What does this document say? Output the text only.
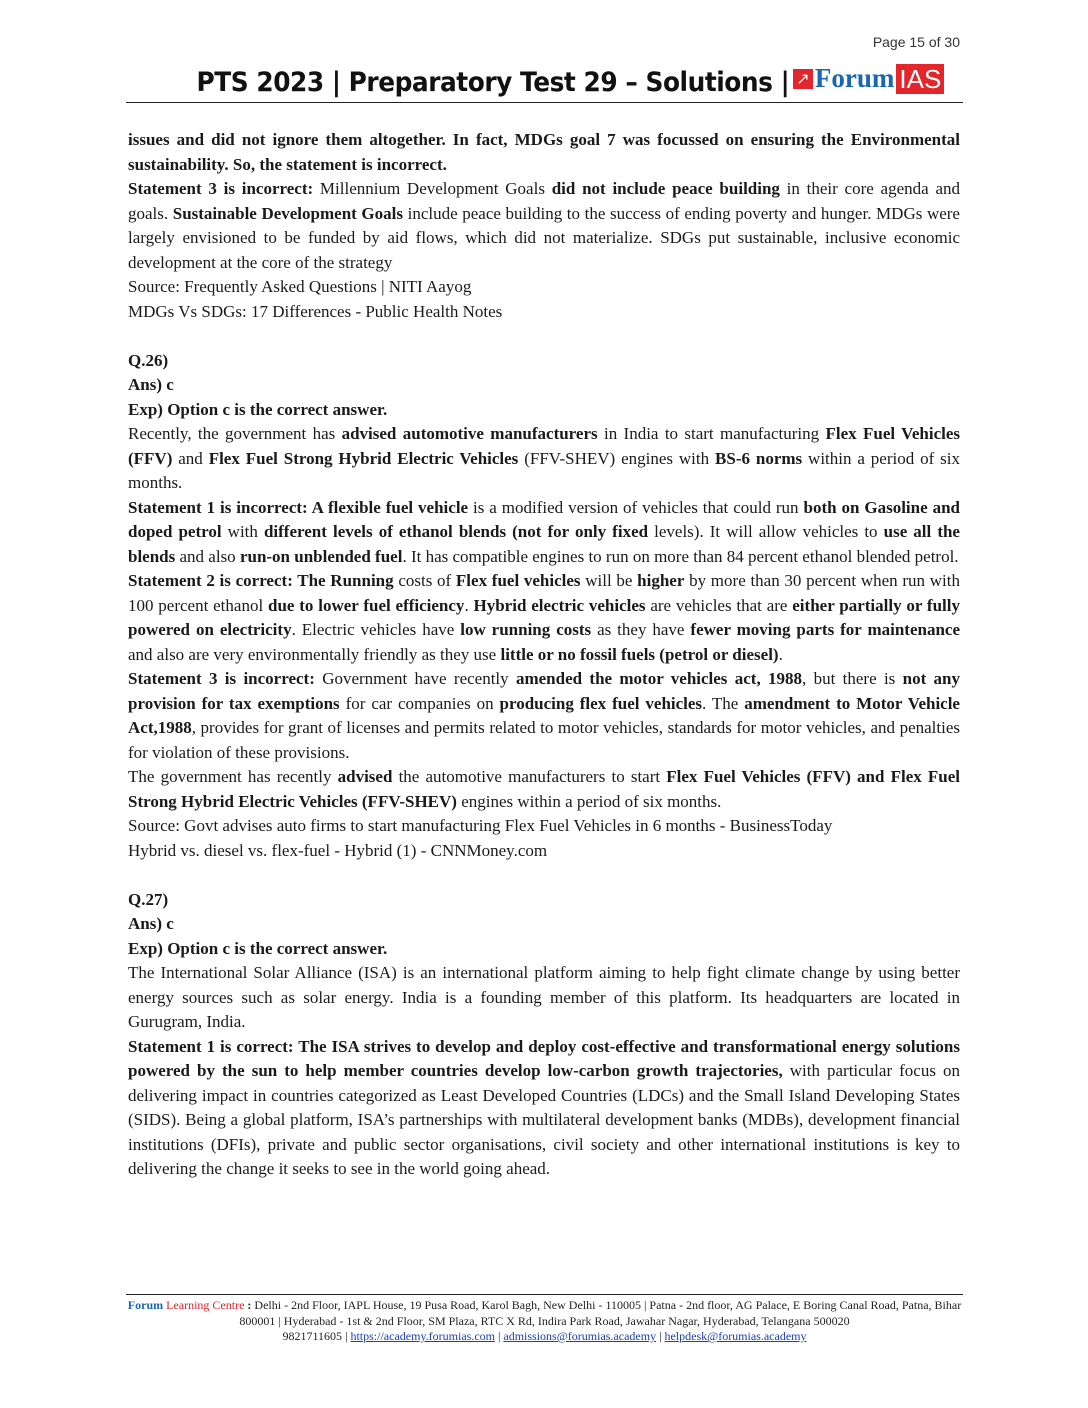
Page 15 of 30
PTS 2023 | Preparatory Test 29 – Solutions | ↗ Forum IAS

issues and did not ignore them altogether. In fact, MDGs goal 7 was focussed on ensuring the Environmental sustainability. So, the statement is incorrect.

Statement 3 is incorrect: Millennium Development Goals did not include peace building in their core agenda and goals. Sustainable Development Goals include peace building to the success of ending poverty and hunger. MDGs were largely envisioned to be funded by aid flows, which did not materialize. SDGs put sustainable, inclusive economic development at the core of the strategy

Source: Frequently Asked Questions | NITI Aayog

MDGs Vs SDGs: 17 Differences - Public Health Notes

Q.26)

Ans) c

Exp) Option c is the correct answer.

Recently, the government has advised automotive manufacturers in India to start manufacturing Flex Fuel Vehicles (FFV) and Flex Fuel Strong Hybrid Electric Vehicles (FFV-SHEV) engines with BS-6 norms within a period of six months.

Statement 1 is incorrect: A flexible fuel vehicle is a modified version of vehicles that could run both on Gasoline and doped petrol with different levels of ethanol blends (not for only fixed levels). It will allow vehicles to use all the blends and also run-on unblended fuel. It has compatible engines to run on more than 84 percent ethanol blended petrol.

Statement 2 is correct: The Running costs of Flex fuel vehicles will be higher by more than 30 percent when run with 100 percent ethanol due to lower fuel efficiency. Hybrid electric vehicles are vehicles that are either partially or fully powered on electricity. Electric vehicles have low running costs as they have fewer moving parts for maintenance and also are very environmentally friendly as they use little or no fossil fuels (petrol or diesel).

Statement 3 is incorrect: Government have recently amended the motor vehicles act, 1988, but there is not any provision for tax exemptions for car companies on producing flex fuel vehicles. The amendment to Motor Vehicle Act,1988, provides for grant of licenses and permits related to motor vehicles, standards for motor vehicles, and penalties for violation of these provisions.

The government has recently advised the automotive manufacturers to start Flex Fuel Vehicles (FFV) and Flex Fuel Strong Hybrid Electric Vehicles (FFV-SHEV) engines within a period of six months.

Source: Govt advises auto firms to start manufacturing Flex Fuel Vehicles in 6 months - BusinessToday

Hybrid vs. diesel vs. flex-fuel - Hybrid (1) - CNNMoney.com

Q.27)

Ans) c

Exp) Option c is the correct answer.

The International Solar Alliance (ISA) is an international platform aiming to help fight climate change by using better energy sources such as solar energy. India is a founding member of this platform. Its headquarters are located in Gurugram, India.

Statement 1 is correct: The ISA strives to develop and deploy cost-effective and transformational energy solutions powered by the sun to help member countries develop low-carbon growth trajectories, with particular focus on delivering impact in countries categorized as Least Developed Countries (LDCs) and the Small Island Developing States (SIDS). Being a global platform, ISA’s partnerships with multilateral development banks (MDBs), development financial institutions (DFIs), private and public sector organisations, civil society and other international institutions is key to delivering the change it seeks to see in the world going ahead.

Forum Learning Centre : Delhi - 2nd Floor, IAPL House, 19 Pusa Road, Karol Bagh, New Delhi - 110005 | Patna - 2nd floor, AG Palace, E Boring Canal Road, Patna, Bihar 800001 | Hyderabad - 1st & 2nd Floor, SM Plaza, RTC X Rd, Indira Park Road, Jawahar Nagar, Hyderabad, Telangana 500020
9821711605 | https://academy.forumias.com | admissions@forumias.academy | helpdesk@forumias.academy
